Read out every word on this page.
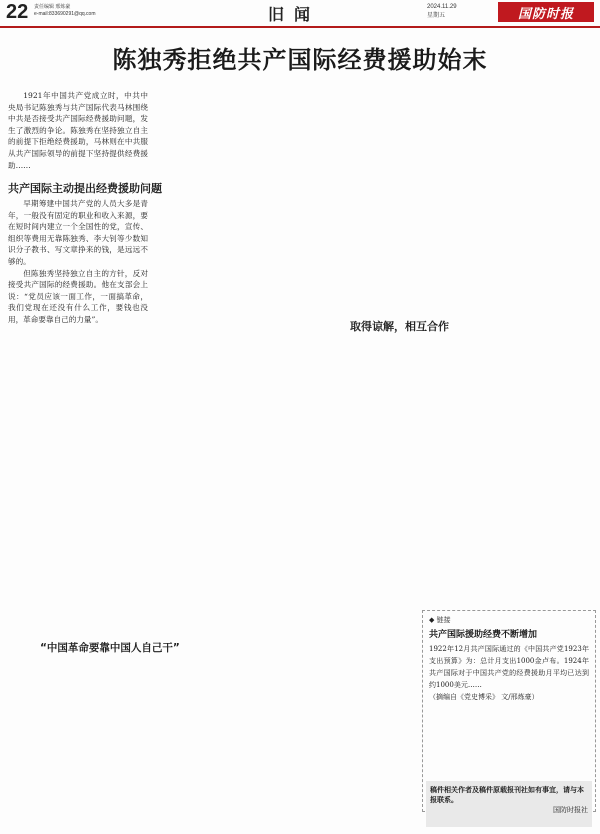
22 责任编辑 邢炼豪
e-mail:833690291@qq.com	旧闻	2024.11.29
星期五	国防时报
陈独秀拒绝共产国际经费援助始末

1921年中国共产党成立时，中共中央局书记陈独秀与共产国际代表马林围绕中共是否接受共产国际经费援助问题，发生了激烈的争论。陈独秀在坚持独立自主的前提下拒绝经费援助，马林则在中共服从共产国际领导的前提下坚持提供经费援助……

共产国际主动提出经费援助问题

早期筹建中国共产党的人员大多是青年，一般没有固定的职业和收入来源，要在短时间内建立一个全国性的党，宣传、组织等费用无靠陈独秀、李大钊等少数知识分子教书、写文章挣来的钱，是远远不够的。

但陈独秀坚持独立自主的方针，反对接受共产国际的经费援助。他在支部会上说：“党员应该一面工作，一面搞革命，我们党现在还没有什么工作，要钱也没用，革命要靠自己的力量”。

“中国革命要靠中国人自己干”
取得谅解，相互合作
◆ 链接
共产国际援助经费不断增加
1922年12月共产国际通过的《中国共产党1923年支出预算》为：总计月支出1000金卢布。1924年共产国际对于中国共产党的经费援助月平均已达到约1000美元……
（摘编自《党史博采》 文/邢炼豪）
稿件相关作者及稿件原载报刊社如有事宜，请与本报联系。
国防时报社
